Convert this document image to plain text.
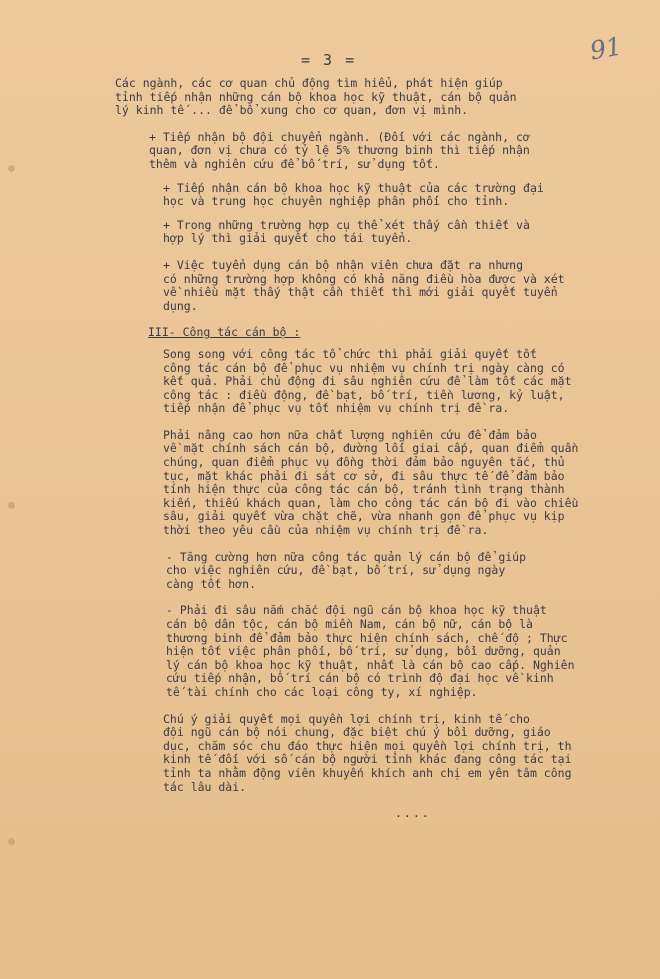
= 3 =	91

Các ngành, các cơ quan chủ động tìm hiểu, phát hiện giúp
tỉnh tiếp nhận những cán bộ khoa học kỹ thuật, cán bộ quản
lý kinh tế ... để bổ xung cho cơ quan, đơn vị mình.

+ Tiếp nhận bộ đội chuyển ngành. (Đối với các ngành, cơ
quan, đơn vị chưa có tỷ lệ 5% thương binh thì tiếp nhận
thêm và nghiên cứu để bố trí, sử dụng tốt.

+ Tiếp nhận cán bộ khoa học kỹ thuật của các trường đại
học và trung học chuyên nghiệp phân phối cho tỉnh.

+ Trong những trường hợp cụ thể xét thấy cần thiết và
hợp lý thì giải quyết cho tái tuyển.

+ Việc tuyển dụng cán bộ nhận viên chưa đặt ra nhưng
có những trường hợp không có khả năng điều hòa được và xét
về nhiều mặt thấy thật cần thiết thì mới giải quyết tuyển
dụng.

III- Công tác cán bộ :

Song song với công tác tổ chức thì phải giải quyết tốt
công tác cán bộ để phục vụ nhiệm vụ chính trị ngày càng có
kết quả. Phải chủ động đi sâu nghiên cứu để làm tốt các mặt
công tác : điều động, đề bạt, bố trí, tiền lương, kỷ luật,
tiếp nhận để phục vụ tốt nhiệm vụ chính trị đề ra.

Phải nâng cao hơn nữa chất lượng nghiên cứu để đảm bảo
về mặt chính sách cán bộ, đường lối giai cấp, quan điểm quần
chúng, quan điểm phục vụ đồng thời đảm bảo nguyên tắc, thủ
tục, mặt khác phải đi sát cơ sở, đi sâu thực tế để đảm bảo
tính hiện thực của công tác cán bộ, tránh tình trạng thành
kiến, thiếu khách quan, làm cho công tác cán bộ đi vào chiều
sâu, giải quyết vừa chặt chẽ, vừa nhanh gọn để phục vụ kịp
thời theo yêu cầu của nhiệm vụ chính trị đề ra.

- Tăng cường hơn nữa công tác quản lý cán bộ để giúp
cho việc nghiên cứu, đề bạt, bố trí, sử dụng ngày
càng tốt hơn.

- Phải đi sâu nắm chắc đội ngũ cán bộ khoa học kỹ thuật
cán bộ dân tộc, cán bộ miền Nam, cán bộ nữ, cán bộ là
thương binh để đảm bảo thực hiện chính sách, chế độ ; Thực
hiện tốt việc phân phối, bố trí, sử dụng, bồi dưỡng, quản
lý cán bộ khoa học kỹ thuật, nhất là cán bộ cao cấp. Nghiên
cứu tiếp nhận, bố trí cán bộ có trình độ đại học về kinh
tế tài chính cho các loại công ty, xí nghiệp.

Chú ý giải quyết mọi quyền lợi chính trị, kinh tế cho
đội ngũ cán bộ nói chung, đặc biệt chú ý bồi dưỡng, giáo
dục, chăm sóc chu đáo thực hiện mọi quyền lợi chính trị, th
kinh tế đối với số cán bộ người tỉnh khác đang công tác tại
tỉnh ta nhằm động viên khuyến khích anh chị em yên tâm công
tác lâu dài.

....
